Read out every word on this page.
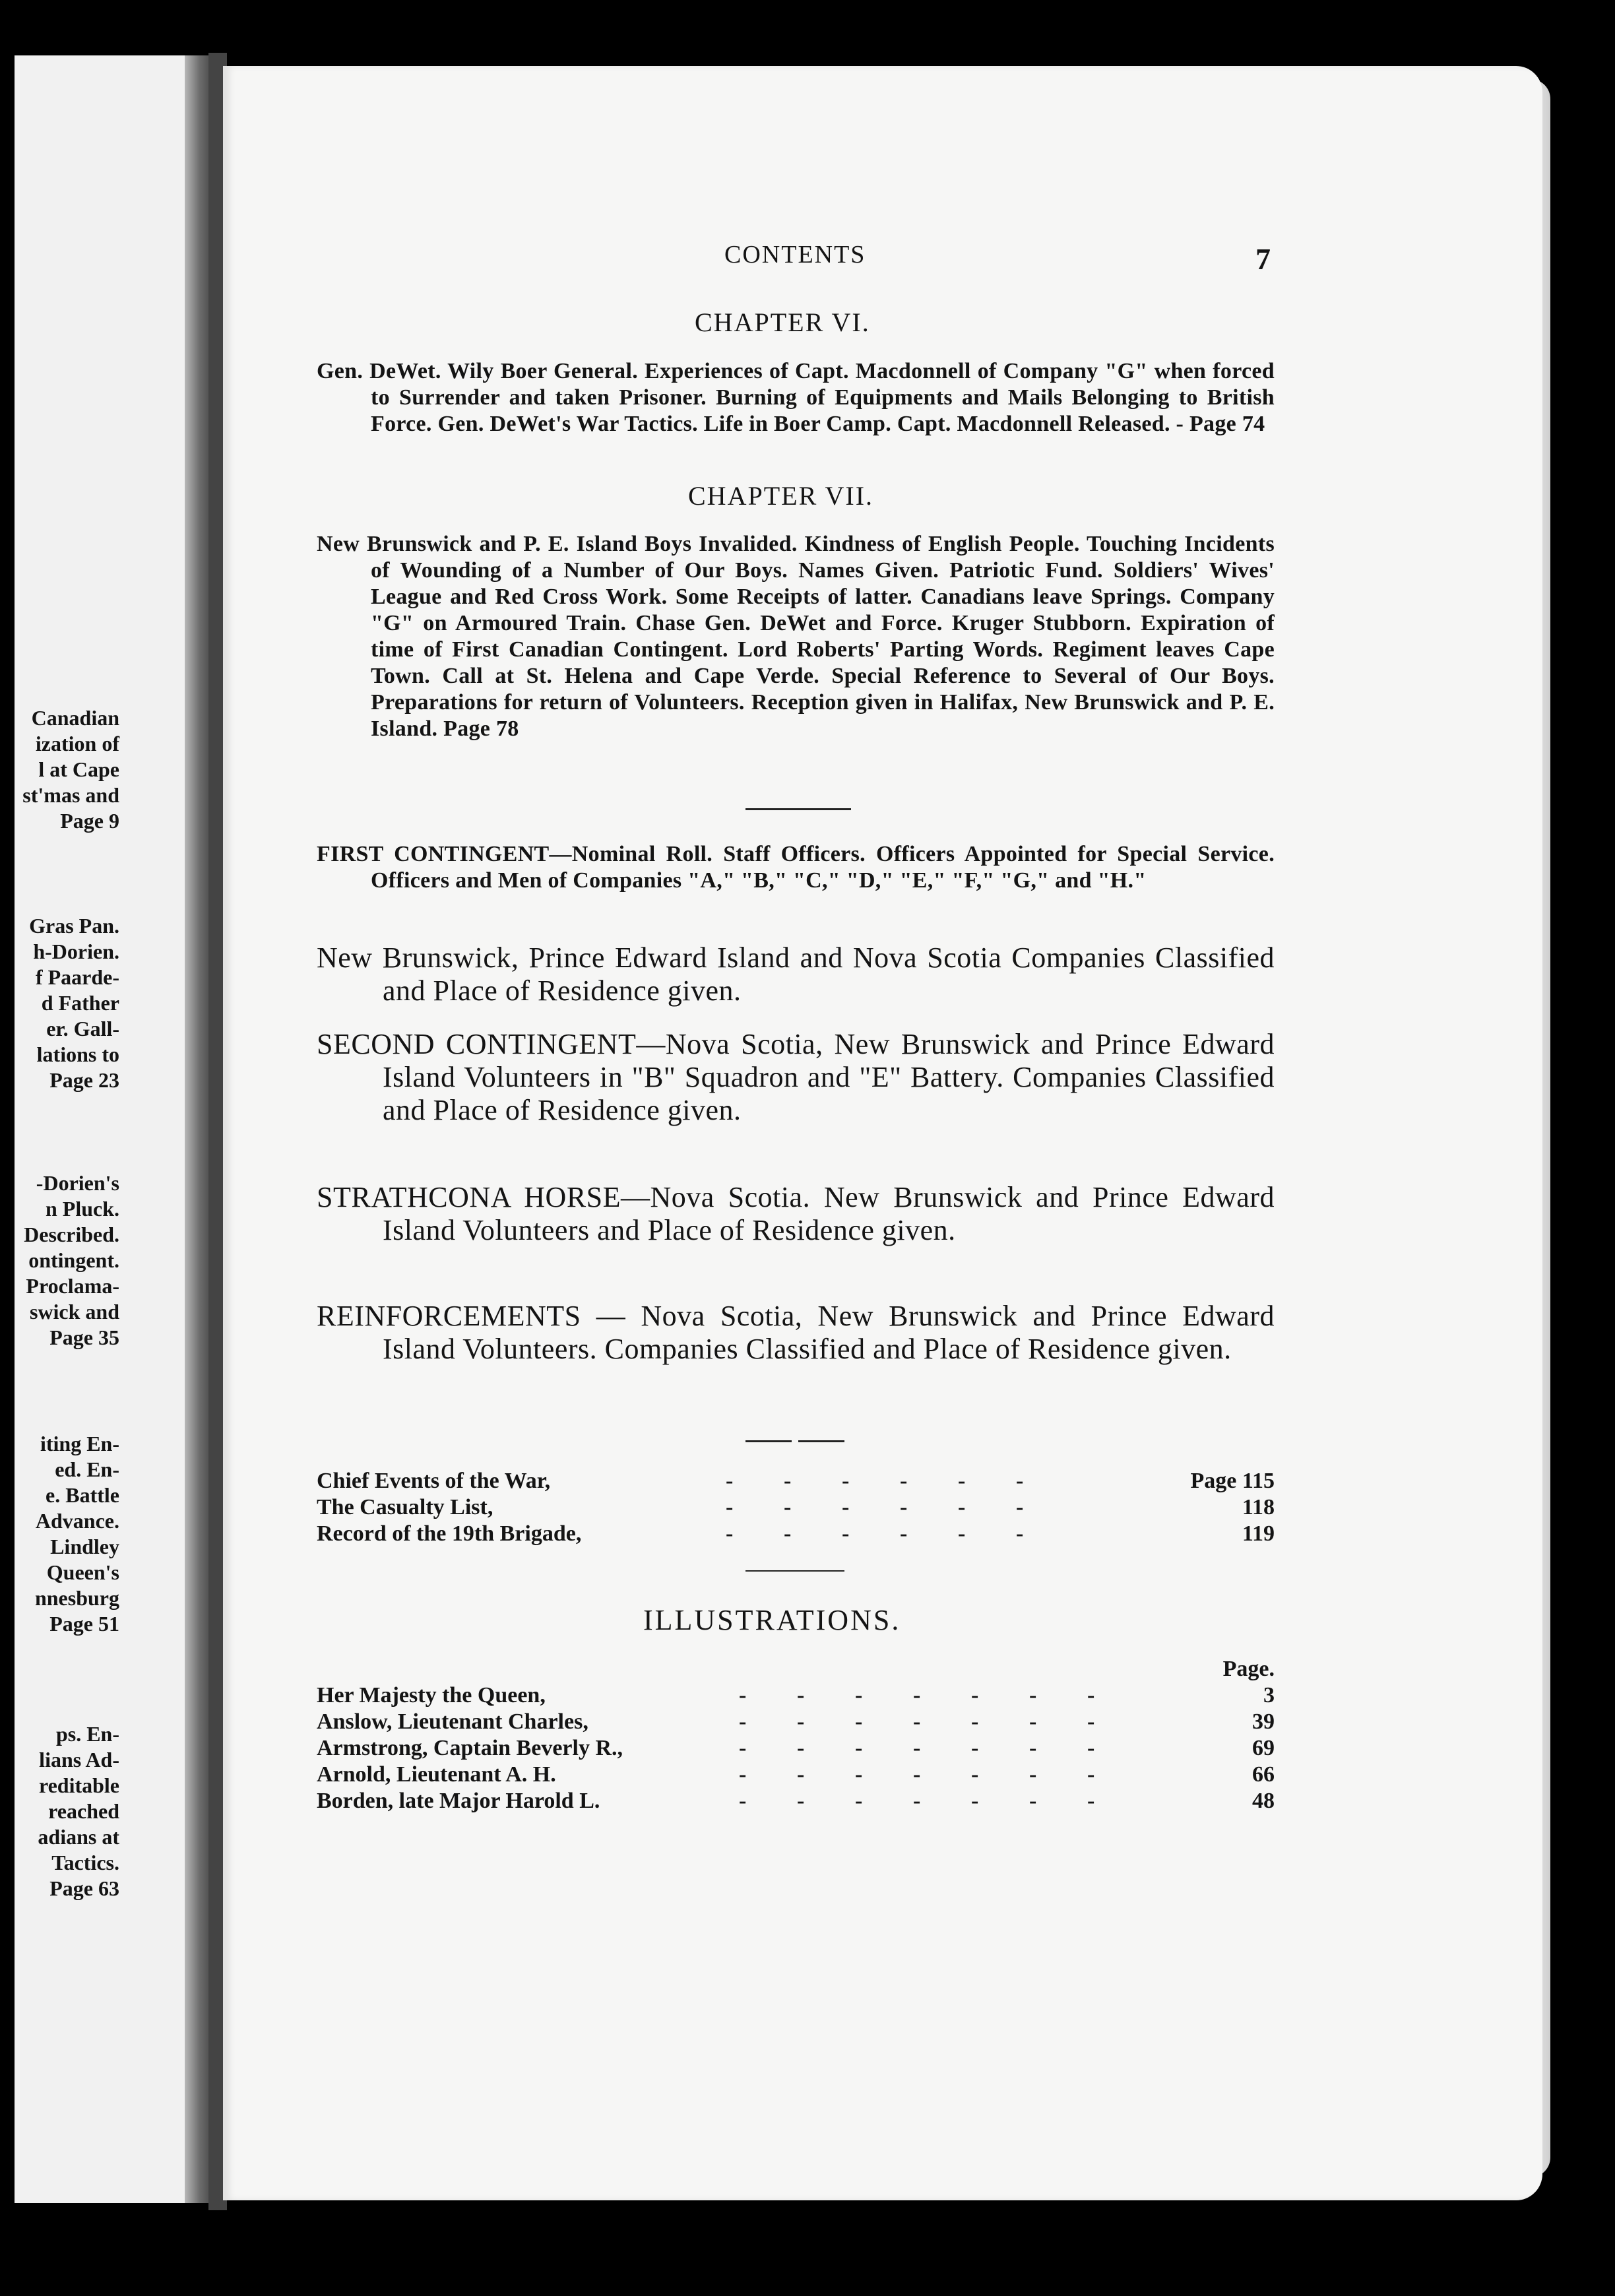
Canadian
ization of
l at Cape
st'mas and
Page 9
Gras Pan.
h-Dorien.
f Paarde-
d Father
er. Gall-
lations to
Page 23
-Dorien's
n Pluck.
Described.
ontingent.
Proclama-
swick and
Page 35
iting En-
ed. En-
e. Battle
Advance.
Lindley
Queen's
nnesburg
Page 51
ps. En-
lians Ad-
reditable
reached
adians at
Tactics.
Page 63
CONTENTS	7
CHAPTER VI.
Gen. DeWet. Wily Boer General. Experiences of Capt. Macdonnell of Company "G" when forced to Surrender and taken Prisoner. Burning of Equipments and Mails Belonging to British Force. Gen. DeWet's War Tactics. Life in Boer Camp. Capt. Macdonnell Released. - Page 74
CHAPTER VII.
New Brunswick and P. E. Island Boys Invalided. Kindness of English People. Touching Incidents of Wounding of a Number of Our Boys. Names Given. Patriotic Fund. Soldiers' Wives' League and Red Cross Work. Some Receipts of latter. Canadians leave Springs. Company "G" on Armoured Train. Chase Gen. DeWet and Force. Kruger Stubborn. Expiration of time of First Canadian Contingent. Lord Roberts' Parting Words. Regiment leaves Cape Town. Call at St. Helena and Cape Verde. Special Reference to Several of Our Boys. Preparations for return of Volunteers. Reception given in Halifax, New Brunswick and P. E. Island. Page 78
FIRST CONTINGENT—Nominal Roll. Staff Officers. Officers Appointed for Special Service. Officers and Men of Companies "A," "B," "C," "D," "E," "F," "G," and "H."
New Brunswick, Prince Edward Island and Nova Scotia Companies Classified and Place of Residence given.
SECOND CONTINGENT—Nova Scotia, New Brunswick and Prince Edward Island Volunteers in "B" Squadron and "E" Battery. Companies Classified and Place of Residence given.
STRATHCONA HORSE—Nova Scotia. New Brunswick and Prince Edward Island Volunteers and Place of Residence given.
REINFORCEMENTS — Nova Scotia, New Brunswick and Prince Edward Island Volunteers. Companies Classified and Place of Residence given.
Chief Events of the War,	- - - - - -	Page 115
The Casualty List,	- - - - - -	118
Record of the 19th Brigade,	- - - - - -	119
ILLUSTRATIONS.
Page.
Her Majesty the Queen,	- - - - - - -	3
Anslow, Lieutenant Charles,	- - - - - - -	39
Armstrong, Captain Beverly R.,	- - - - - - -	69
Arnold, Lieutenant A. H.	- - - - - - -	66
Borden, late Major Harold L.	- - - - - - -	48
